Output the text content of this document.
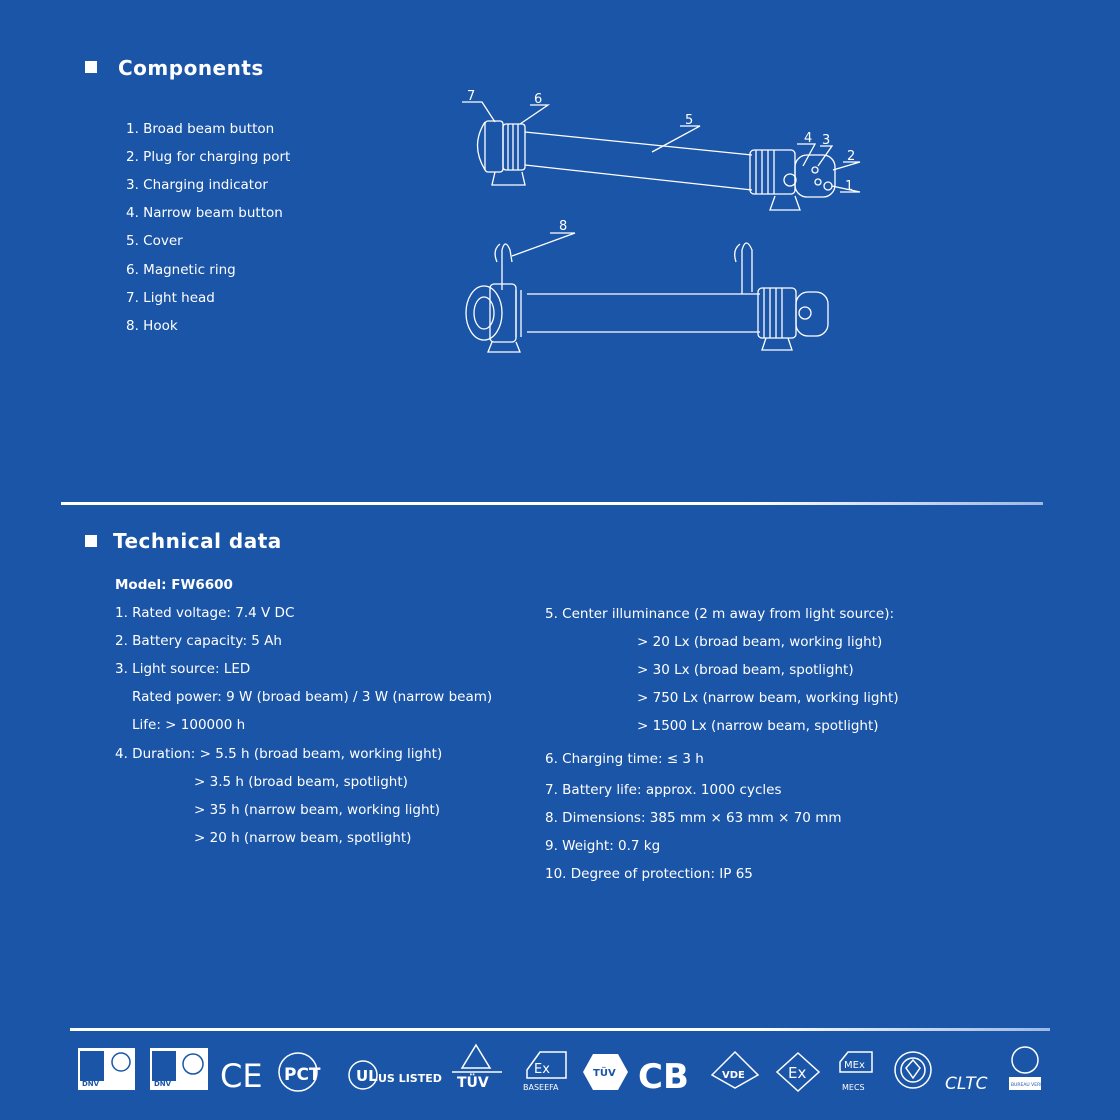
Components
1. Broad beam button
2. Plug for charging port
3. Charging indicator
4. Narrow beam button
5. Cover
6. Magnetic ring
7. Light head
8. Hook
7	6
5
4 3
2
1
8
Technical data
Model: FW6600
1. Rated voltage: 7.4 V DC
2. Battery capacity: 5 Ah
3. Light source: LED
Rated power: 9 W (broad beam) / 3 W (narrow beam)
Life: > 100000 h
4. Duration: > 5.5 h (broad beam, working light)
> 3.5 h (broad beam, spotlight)
> 35 h (narrow beam, working light)
> 20 h (narrow beam, spotlight)
5. Center illuminance (2 m away from light source):
> 20 Lx (broad beam, working light)
> 30 Lx (broad beam, spotlight)
> 750 Lx (narrow beam, working light)
> 1500 Lx (narrow beam, spotlight)
6. Charging time: ≤ 3 h
7. Battery life: approx. 1000 cycles
8. Dimensions: 385 mm × 63 mm × 70 mm
9. Weight: 0.7 kg
10. Degree of protection: IP 65
DNV	DNV CE PCT UL US LISTED TÜV
Ex
BASEEFA
TÜV CB	VDE	Ex	MEx
MECS	CLTC	BUREAU VERITAS
